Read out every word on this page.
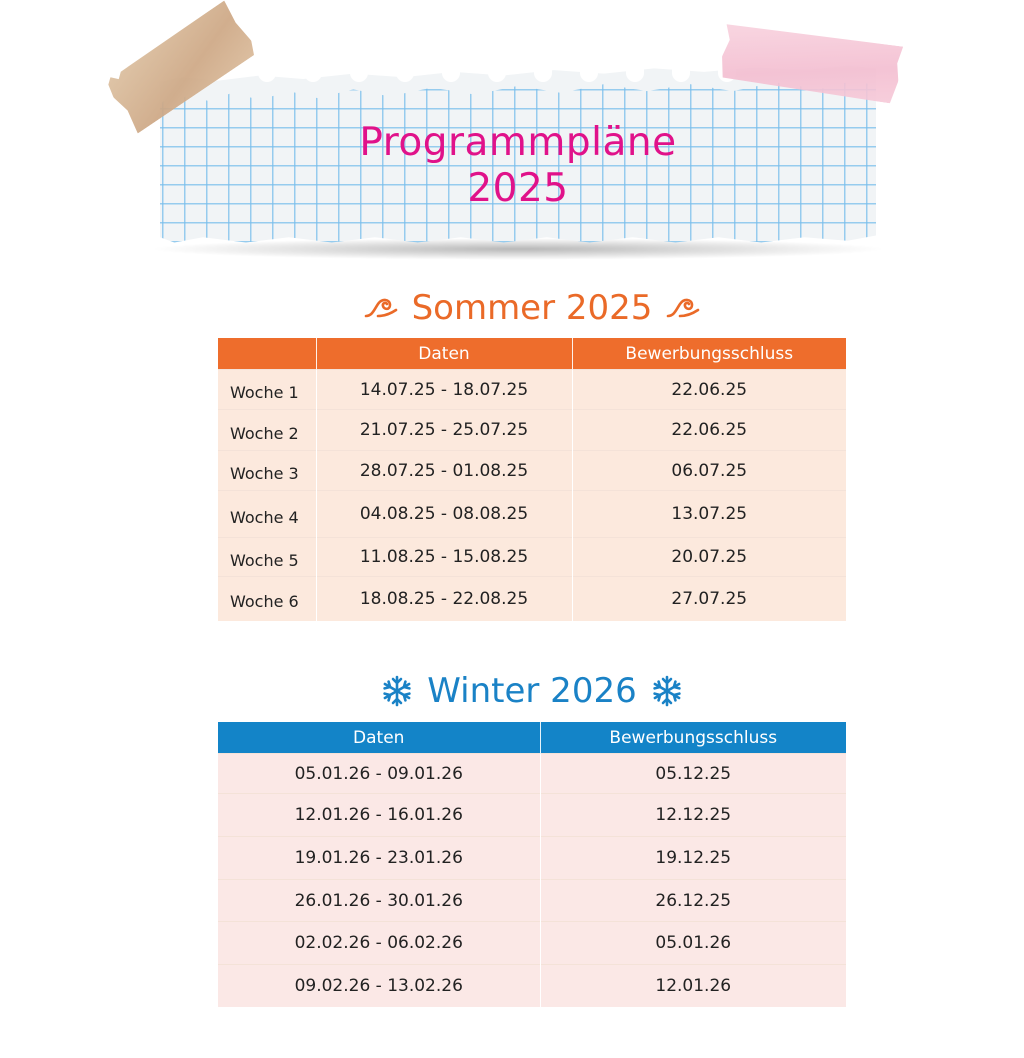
Programmpläne
2025
Sommer 2025
	Daten	Bewerbungsschluss
Woche 1	14.07.25 - 18.07.25	22.06.25
Woche 2	21.07.25 - 25.07.25	22.06.25
Woche 3	28.07.25 - 01.08.25	06.07.25
Woche 4	04.08.25 - 08.08.25	13.07.25
Woche 5	11.08.25 - 15.08.25	20.07.25
Woche 6	18.08.25 - 22.08.25	27.07.25
Winter 2026
Daten	Bewerbungsschluss
05.01.26 - 09.01.26	05.12.25
12.01.26 - 16.01.26	12.12.25
19.01.26 - 23.01.26	19.12.25
26.01.26 - 30.01.26	26.12.25
02.02.26 - 06.02.26	05.01.26
09.02.26 - 13.02.26	12.01.26
